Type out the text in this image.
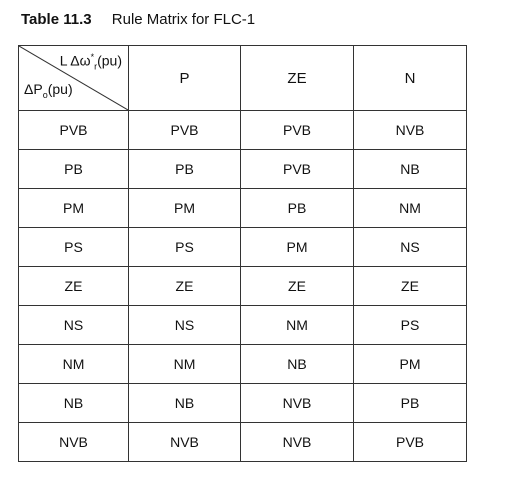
Table 11.3 Rule Matrix for FLC-1
L $\Delta\omega^*_r(pu)$
$\Delta P_o(pu)$	P	ZE	N
PVB	PVB	PVB	NVB
PB	PB	PVB	NB
PM	PM	PB	NM
PS	PS	PM	NS
ZE	ZE	ZE	ZE
NS	NS	NM	PS
NM	NM	NB	PM
NB	NB	NVB	PB
NVB	NVB	NVB	PVB
